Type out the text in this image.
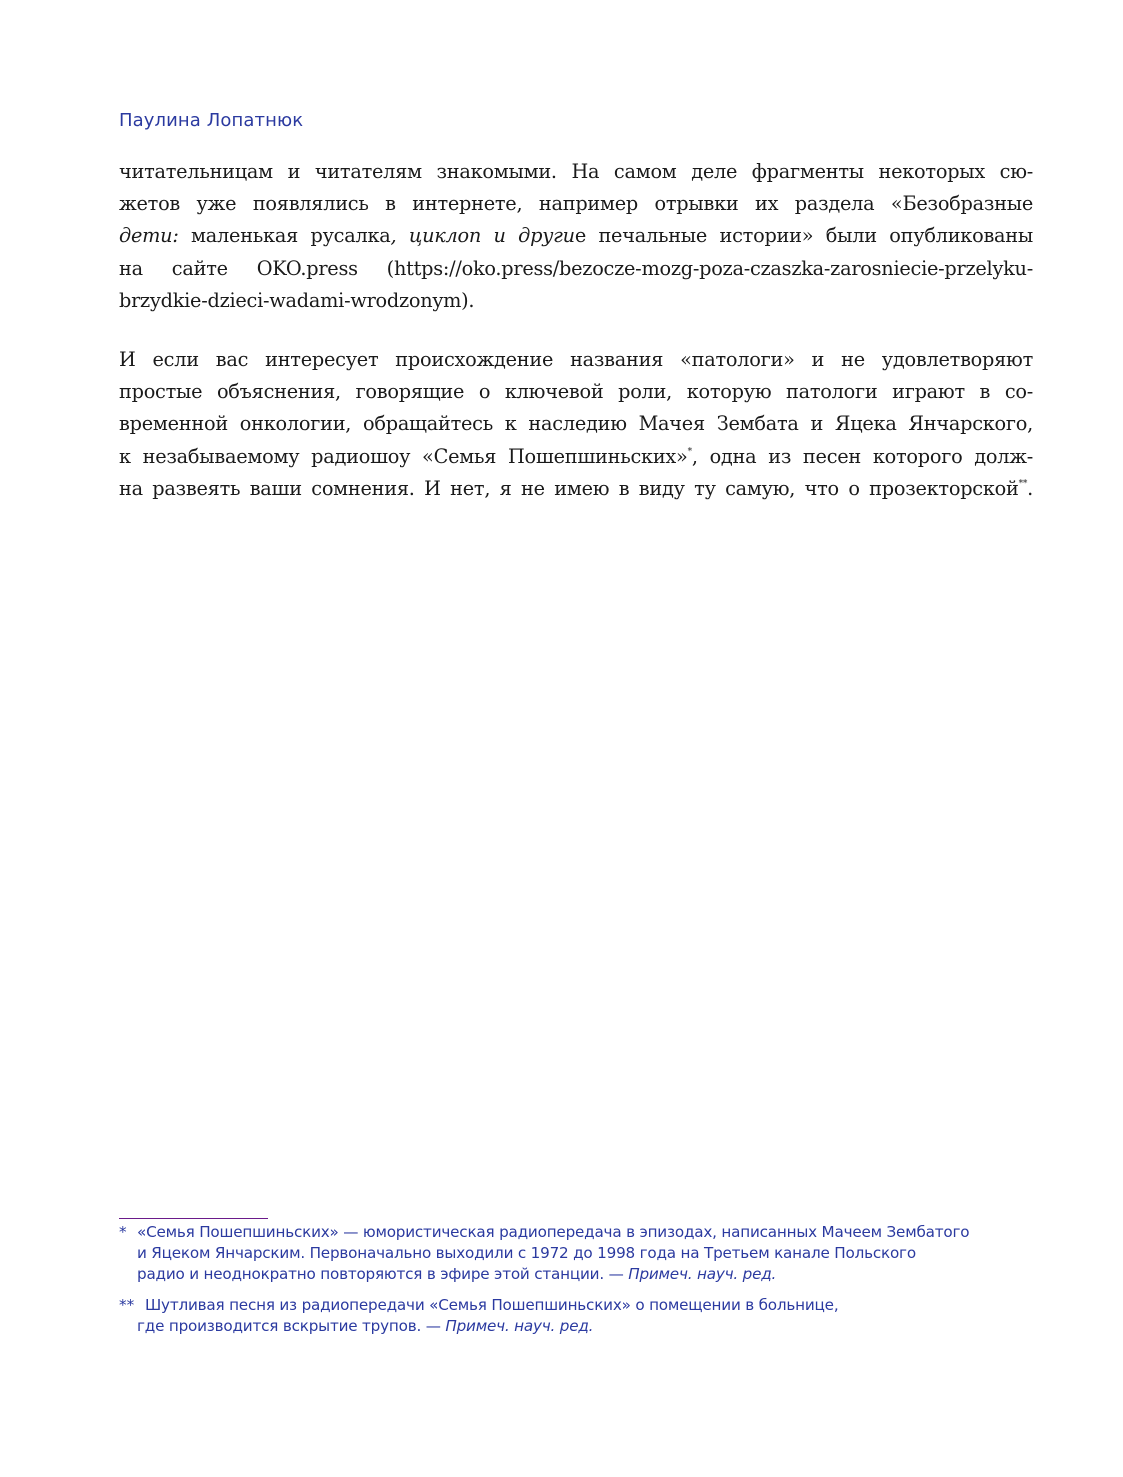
Паулина Лопатнюк
читательницам и читателям знакомыми. На самом деле фрагменты некоторых сю-
жетов уже появлялись в интернете, например отрывки их раздела «Безобразные
дети: маленькая русалка, циклоп и другие печальные истории» были опубликованы
на сайте OKO.press (https://oko.press/bezocze-mozg-poza-czaszka-zarosniecie-przelyku-
brzydkie-dzieci-wadami-wrodzonym).
И если вас интересует происхождение названия «патологи» и не удовлетворяют
простые объяснения, говорящие о ключевой роли, которую патологи играют в со-
временной онкологии, обращайтесь к наследию Мачея Зембата и Яцека Янчарского,
к незабываемому радиошоу «Семья Пошепшиньских»*, одна из песен которого долж-
на развеять ваши сомнения. И нет, я не имею в виду ту самую, что о прозекторской**.
* «Семья Пошепшиньских» — юмористическая радиопередача в эпизодах, написанных Мачеем Зембатого
и Яцеком Янчарским. Первоначально выходили с 1972 до 1998 года на Третьем канале Польского
радио и неоднократно повторяются в эфире этой станции. — Примеч. науч. ред.
** Шутливая песня из радиопередачи «Семья Пошепшиньских» о помещении в больнице,
где производится вскрытие трупов. — Примеч. науч. ред.
